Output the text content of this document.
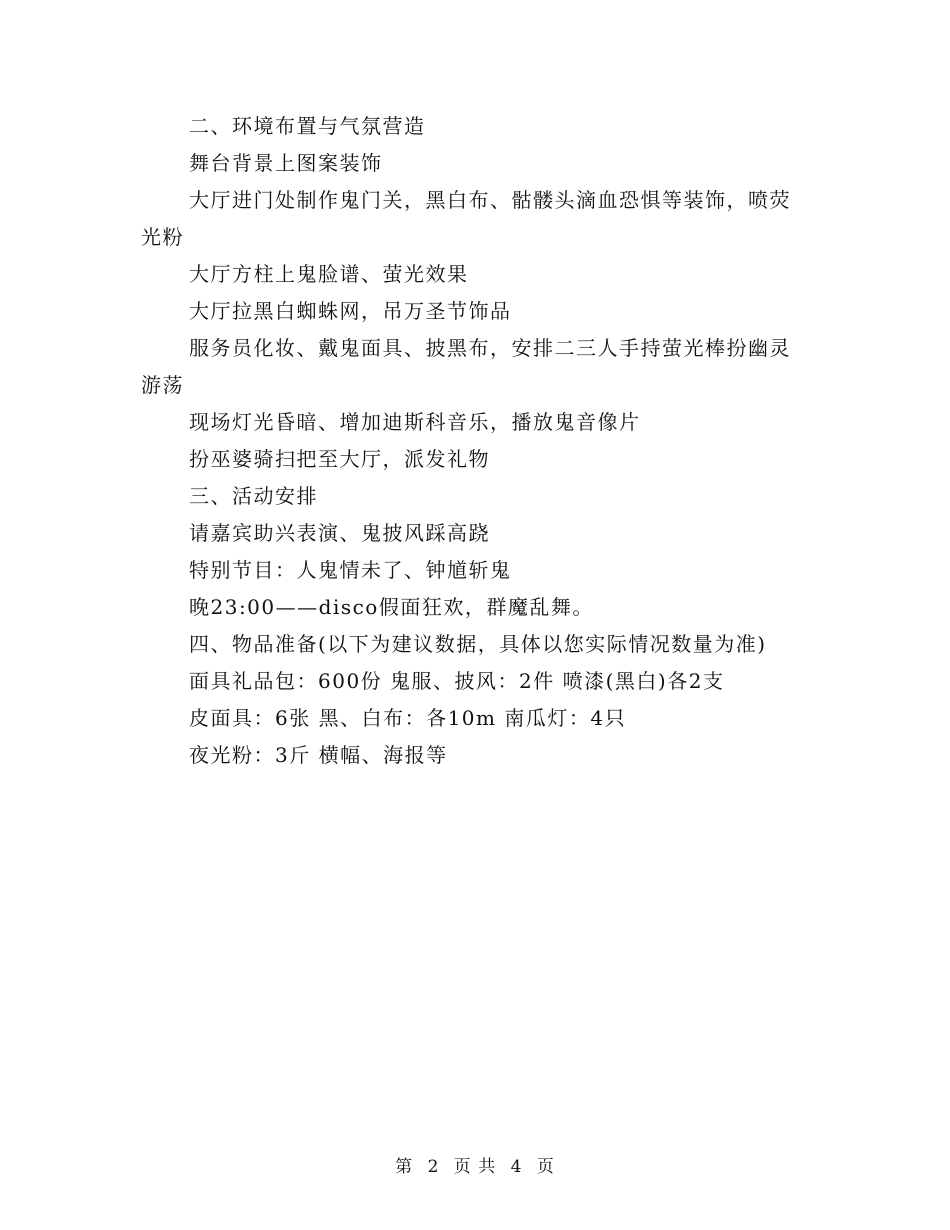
二、环境布置与气氛营造

舞台背景上图案装饰

大厅进门处制作鬼门关，黑白布、骷髅头滴血恐惧等装饰，喷荧光粉

大厅方柱上鬼脸谱、萤光效果

大厅拉黑白蜘蛛网，吊万圣节饰品

服务员化妆、戴鬼面具、披黑布，安排二三人手持萤光棒扮幽灵游荡

现场灯光昏暗、增加迪斯科音乐，播放鬼音像片

扮巫婆骑扫把至大厅，派发礼物

三、活动安排

请嘉宾助兴表演、鬼披风踩高跷

特别节目：人鬼情未了、钟馗斩鬼

晚23:00——disco假面狂欢，群魔乱舞。

四、物品准备(以下为建议数据，具体以您实际情况数量为准)

面具礼品包：600份 鬼服、披风：2件 喷漆(黑白)各2支

皮面具：6张 黑、白布：各10m 南瓜灯：4只

夜光粉：3斤 横幅、海报等

第 2 页 共 4 页
